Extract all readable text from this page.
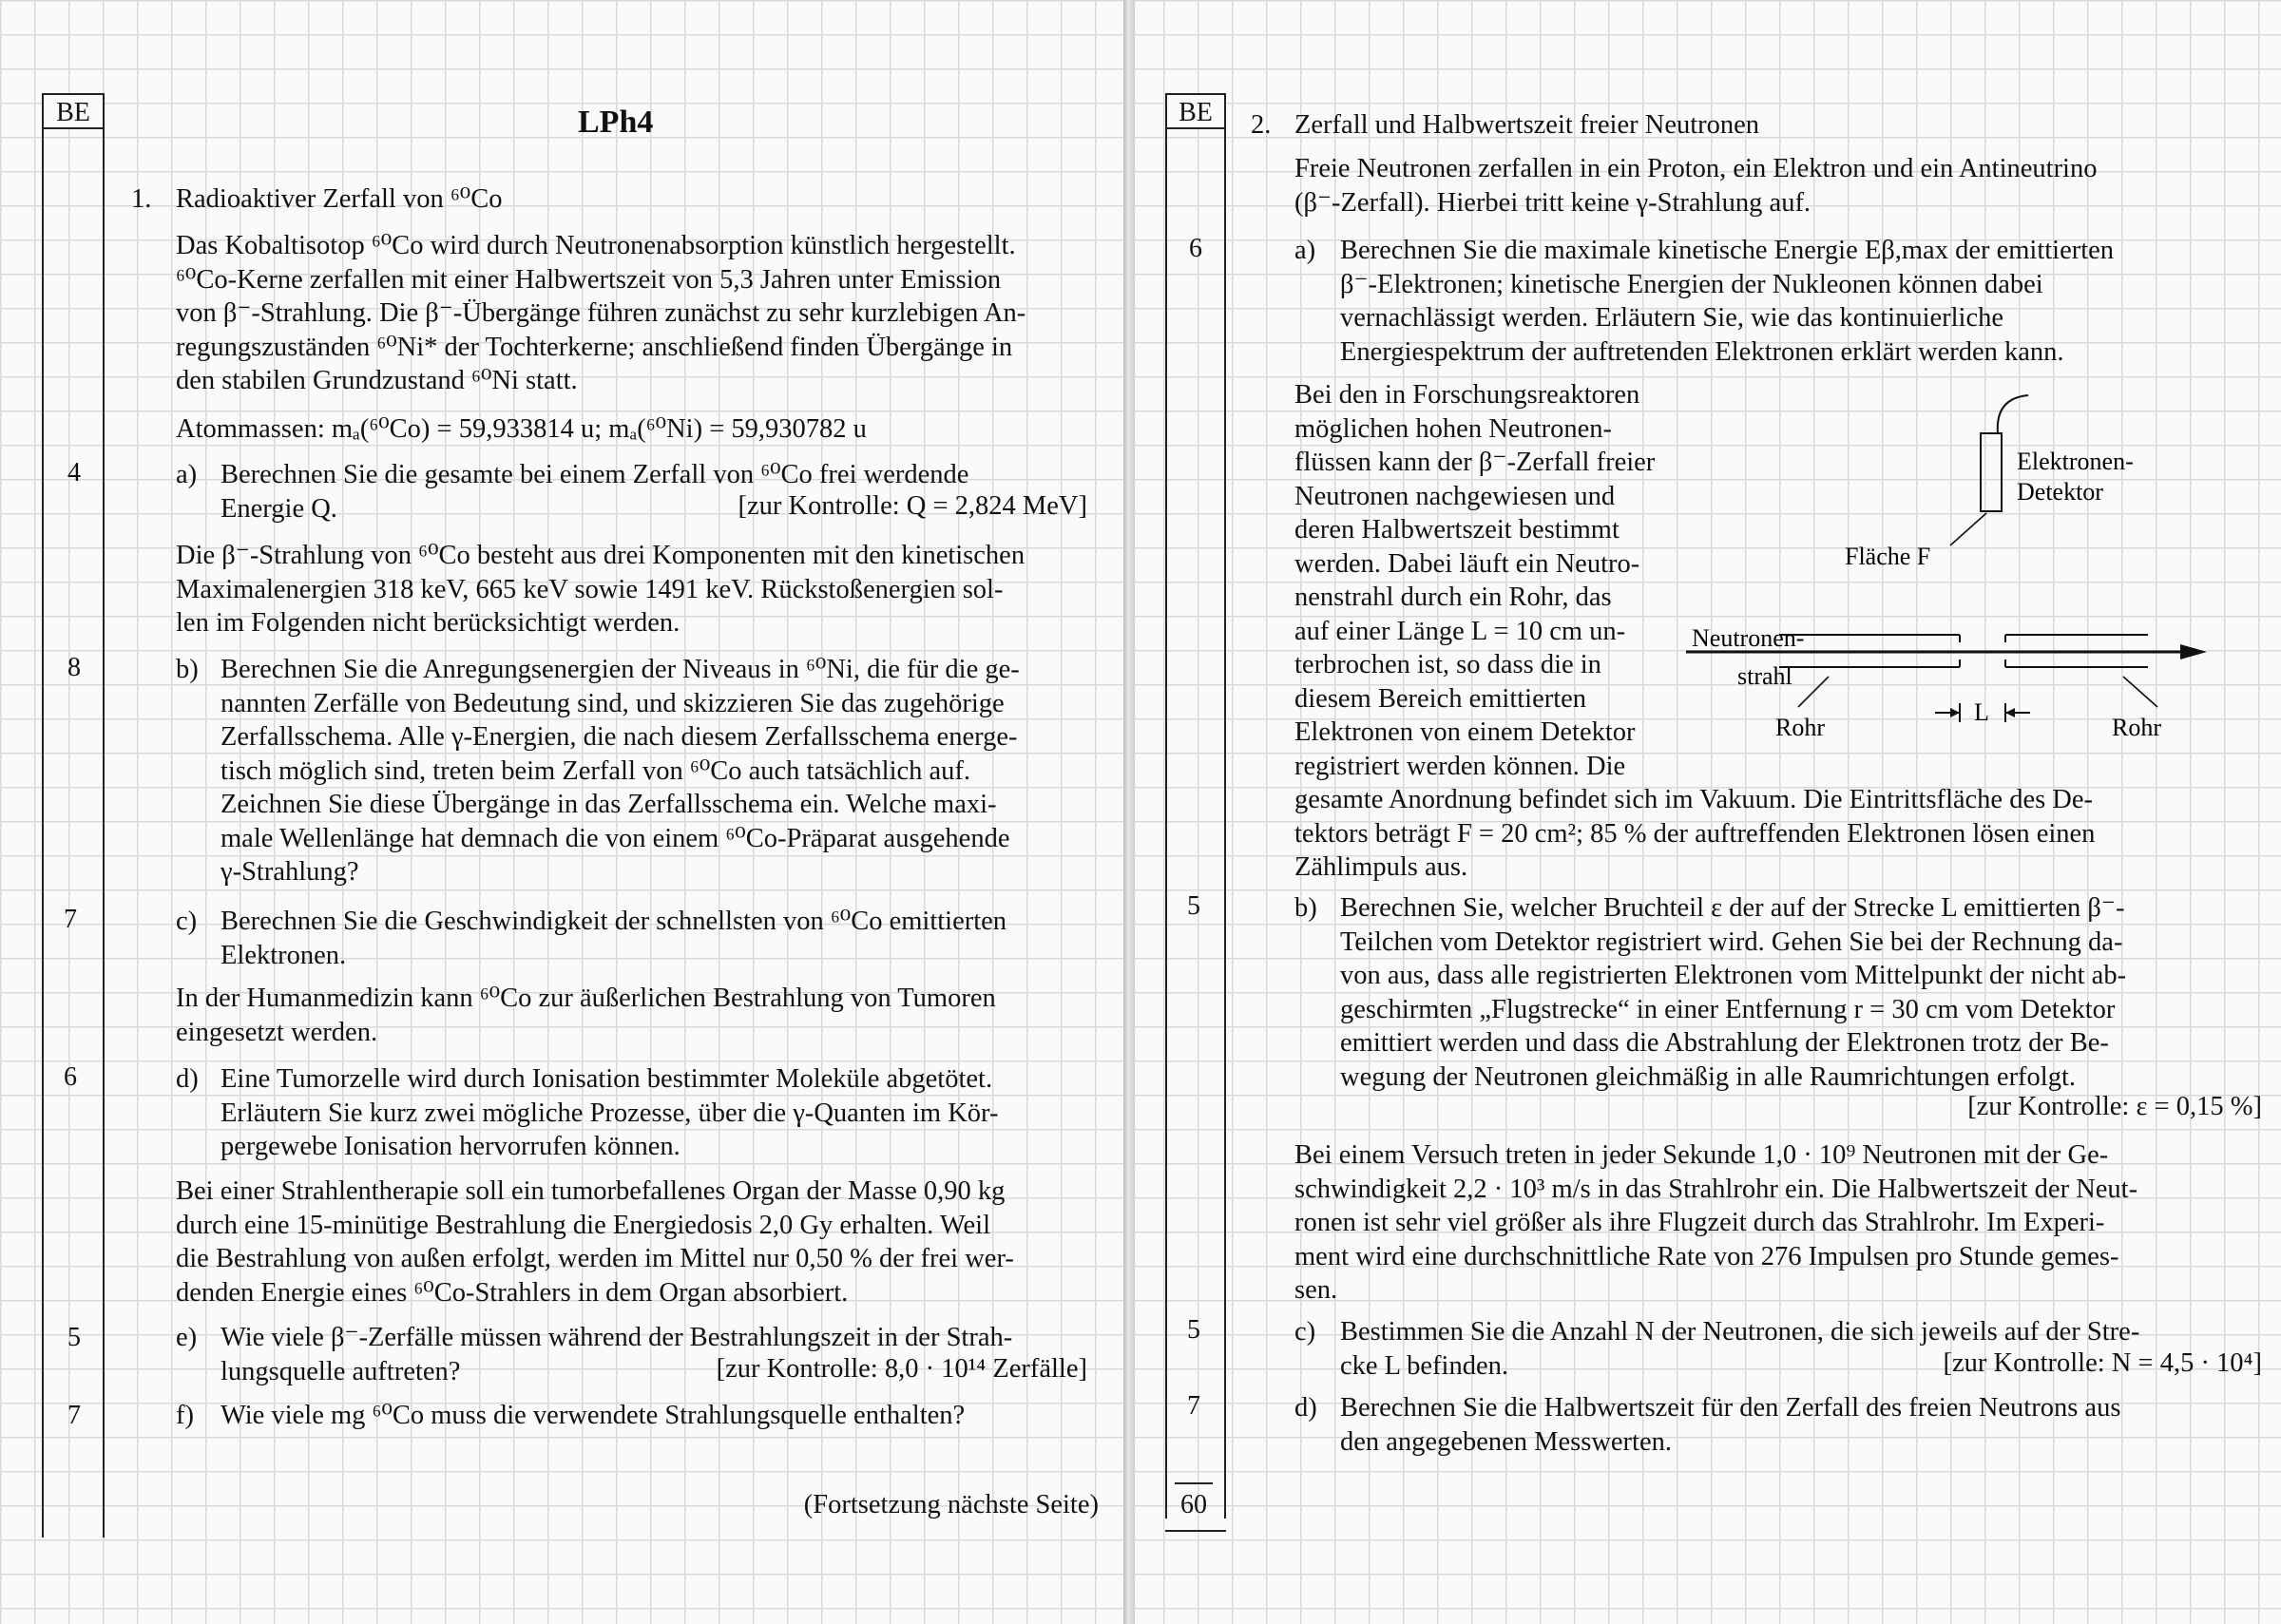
BE	LPh4
1. Radioaktiver Zerfall von ⁶⁰Co
Das Kobaltisotop ⁶⁰Co wird durch Neutronenabsorption künstlich hergestellt.
⁶⁰Co-Kerne zerfallen mit einer Halbwertszeit von 5,3 Jahren unter Emission
von β⁻-Strahlung. Die β⁻-Übergänge führen zunächst zu sehr kurzlebigen An-
regungszuständen ⁶⁰Ni* der Tochterkerne; anschließend finden Übergänge in
den stabilen Grundzustand ⁶⁰Ni statt.
Atommassen: mₐ(⁶⁰Co) = 59,933814 u; mₐ(⁶⁰Ni) = 59,930782 u
4	a) Berechnen Sie die gesamte bei einem Zerfall von ⁶⁰Co frei werdende
Energie Q.	[zur Kontrolle: Q = 2,824 MeV]
Die β⁻-Strahlung von ⁶⁰Co besteht aus drei Komponenten mit den kinetischen
Maximalenergien 318 keV, 665 keV sowie 1491 keV. Rückstoßenergien sol-
len im Folgenden nicht berücksichtigt werden.
8	b) Berechnen Sie die Anregungsenergien der Niveaus in ⁶⁰Ni, die für die ge-
nannten Zerfälle von Bedeutung sind, und skizzieren Sie das zugehörige
Zerfallsschema. Alle γ-Energien, die nach diesem Zerfallsschema energe-
tisch möglich sind, treten beim Zerfall von ⁶⁰Co auch tatsächlich auf.
Zeichnen Sie diese Übergänge in das Zerfallsschema ein. Welche maxi-
male Wellenlänge hat demnach die von einem ⁶⁰Co-Präparat ausgehende
γ-Strahlung?
7	c) Berechnen Sie die Geschwindigkeit der schnellsten von ⁶⁰Co emittierten
Elektronen.
In der Humanmedizin kann ⁶⁰Co zur äußerlichen Bestrahlung von Tumoren
eingesetzt werden.
6	d) Eine Tumorzelle wird durch Ionisation bestimmter Moleküle abgetötet.
Erläutern Sie kurz zwei mögliche Prozesse, über die γ-Quanten im Kör-
pergewebe Ionisation hervorrufen können.
Bei einer Strahlentherapie soll ein tumorbefallenes Organ der Masse 0,90 kg
durch eine 15-minütige Bestrahlung die Energiedosis 2,0 Gy erhalten. Weil
die Bestrahlung von außen erfolgt, werden im Mittel nur 0,50 % der frei wer-
denden Energie eines ⁶⁰Co-Strahlers in dem Organ absorbiert.
5	e) Wie viele β⁻-Zerfälle müssen während der Bestrahlungszeit in der Strah-
lungsquelle auftreten?	[zur Kontrolle: 8,0 · 10¹⁴ Zerfälle]
7	f) Wie viele mg ⁶⁰Co muss die verwendete Strahlungsquelle enthalten?
(Fortsetzung nächste Seite)
BE	2. Zerfall und Halbwertszeit freier Neutronen
Freie Neutronen zerfallen in ein Proton, ein Elektron und ein Antineutrino
(β⁻-Zerfall). Hierbei tritt keine γ-Strahlung auf.
6	a) Berechnen Sie die maximale kinetische Energie Eβ,max der emittierten
β⁻-Elektronen; kinetische Energien der Nukleonen können dabei
vernachlässigt werden. Erläutern Sie, wie das kontinuierliche
Energiespektrum der auftretenden Elektronen erklärt werden kann.
Bei den in Forschungsreaktoren
möglichen hohen Neutronen-
flüssen kann der β⁻-Zerfall freier
Neutronen nachgewiesen und
deren Halbwertszeit bestimmt
werden. Dabei läuft ein Neutro-
nenstrahl durch ein Rohr, das
auf einer Länge L = 10 cm un-
terbrochen ist, so dass die in
diesem Bereich emittierten
Elektronen von einem Detektor
registriert werden können. Die
gesamte Anordnung befindet sich im Vakuum. Die Eintrittsfläche des De-
tektors beträgt F = 20 cm²; 85 % der auftreffenden Elektronen lösen einen
Zählimpuls aus.
Elektronen-
Detektor
Fläche F
Neutronen-
strahl
Rohr	Rohr
L
5	b) Berechnen Sie, welcher Bruchteil ε der auf der Strecke L emittierten β⁻-
Teilchen vom Detektor registriert wird. Gehen Sie bei der Rechnung da-
von aus, dass alle registrierten Elektronen vom Mittelpunkt der nicht ab-
geschirmten „Flugstrecke“ in einer Entfernung r = 30 cm vom Detektor
emittiert werden und dass die Abstrahlung der Elektronen trotz der Be-
wegung der Neutronen gleichmäßig in alle Raumrichtungen erfolgt.
[zur Kontrolle: ε = 0,15 %]
Bei einem Versuch treten in jeder Sekunde 1,0 · 10⁹ Neutronen mit der Ge-
schwindigkeit 2,2 · 10³ m/s in das Strahlrohr ein. Die Halbwertszeit der Neut-
ronen ist sehr viel größer als ihre Flugzeit durch das Strahlrohr. Im Experi-
ment wird eine durchschnittliche Rate von 276 Impulsen pro Stunde gemes-
sen.
5	c) Bestimmen Sie die Anzahl N der Neutronen, die sich jeweils auf der Stre-
cke L befinden.	[zur Kontrolle: N = 4,5 · 10⁴]
7	d) Berechnen Sie die Halbwertszeit für den Zerfall des freien Neutrons aus
den angegebenen Messwerten.
60
